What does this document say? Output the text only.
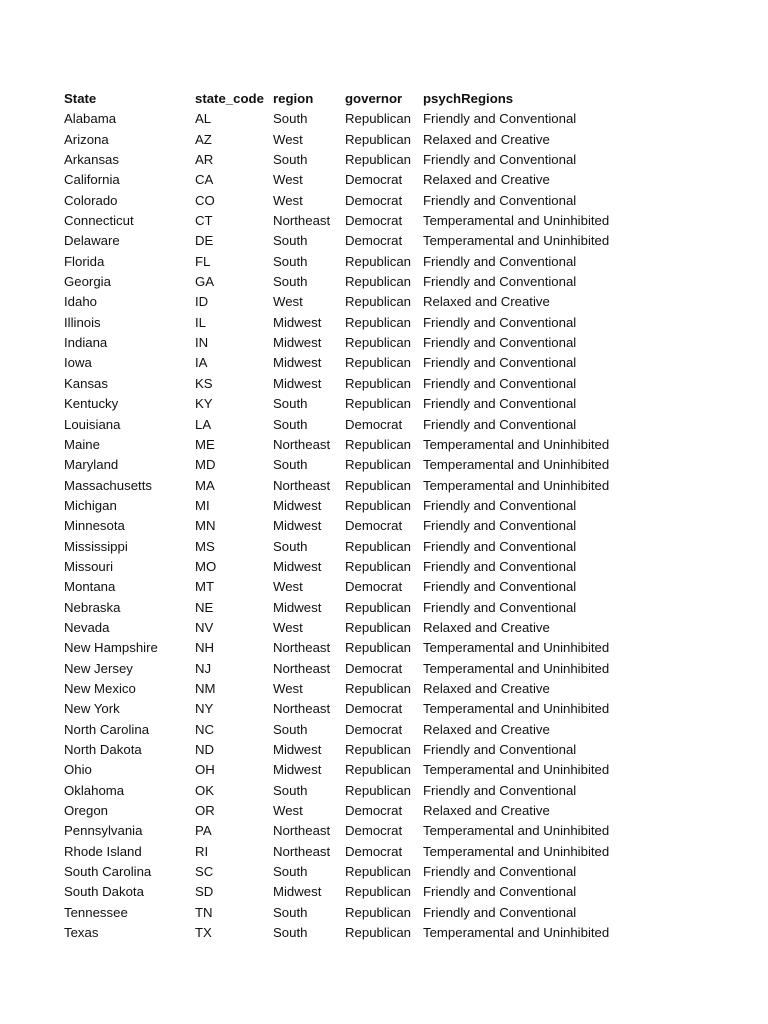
State	state_code	region	governor	psychRegions
Alabama	AL	South	Republican	Friendly and Conventional
Arizona	AZ	West	Republican	Relaxed and Creative
Arkansas	AR	South	Republican	Friendly and Conventional
California	CA	West	Democrat	Relaxed and Creative
Colorado	CO	West	Democrat	Friendly and Conventional
Connecticut	CT	Northeast	Democrat	Temperamental and Uninhibited
Delaware	DE	South	Democrat	Temperamental and Uninhibited
Florida	FL	South	Republican	Friendly and Conventional
Georgia	GA	South	Republican	Friendly and Conventional
Idaho	ID	West	Republican	Relaxed and Creative
Illinois	IL	Midwest	Republican	Friendly and Conventional
Indiana	IN	Midwest	Republican	Friendly and Conventional
Iowa	IA	Midwest	Republican	Friendly and Conventional
Kansas	KS	Midwest	Republican	Friendly and Conventional
Kentucky	KY	South	Republican	Friendly and Conventional
Louisiana	LA	South	Democrat	Friendly and Conventional
Maine	ME	Northeast	Republican	Temperamental and Uninhibited
Maryland	MD	South	Republican	Temperamental and Uninhibited
Massachusetts	MA	Northeast	Republican	Temperamental and Uninhibited
Michigan	MI	Midwest	Republican	Friendly and Conventional
Minnesota	MN	Midwest	Democrat	Friendly and Conventional
Mississippi	MS	South	Republican	Friendly and Conventional
Missouri	MO	Midwest	Republican	Friendly and Conventional
Montana	MT	West	Democrat	Friendly and Conventional
Nebraska	NE	Midwest	Republican	Friendly and Conventional
Nevada	NV	West	Republican	Relaxed and Creative
New Hampshire	NH	Northeast	Republican	Temperamental and Uninhibited
New Jersey	NJ	Northeast	Democrat	Temperamental and Uninhibited
New Mexico	NM	West	Republican	Relaxed and Creative
New York	NY	Northeast	Democrat	Temperamental and Uninhibited
North Carolina	NC	South	Democrat	Relaxed and Creative
North Dakota	ND	Midwest	Republican	Friendly and Conventional
Ohio	OH	Midwest	Republican	Temperamental and Uninhibited
Oklahoma	OK	South	Republican	Friendly and Conventional
Oregon	OR	West	Democrat	Relaxed and Creative
Pennsylvania	PA	Northeast	Democrat	Temperamental and Uninhibited
Rhode Island	RI	Northeast	Democrat	Temperamental and Uninhibited
South Carolina	SC	South	Republican	Friendly and Conventional
South Dakota	SD	Midwest	Republican	Friendly and Conventional
Tennessee	TN	South	Republican	Friendly and Conventional
Texas	TX	South	Republican	Temperamental and Uninhibited
